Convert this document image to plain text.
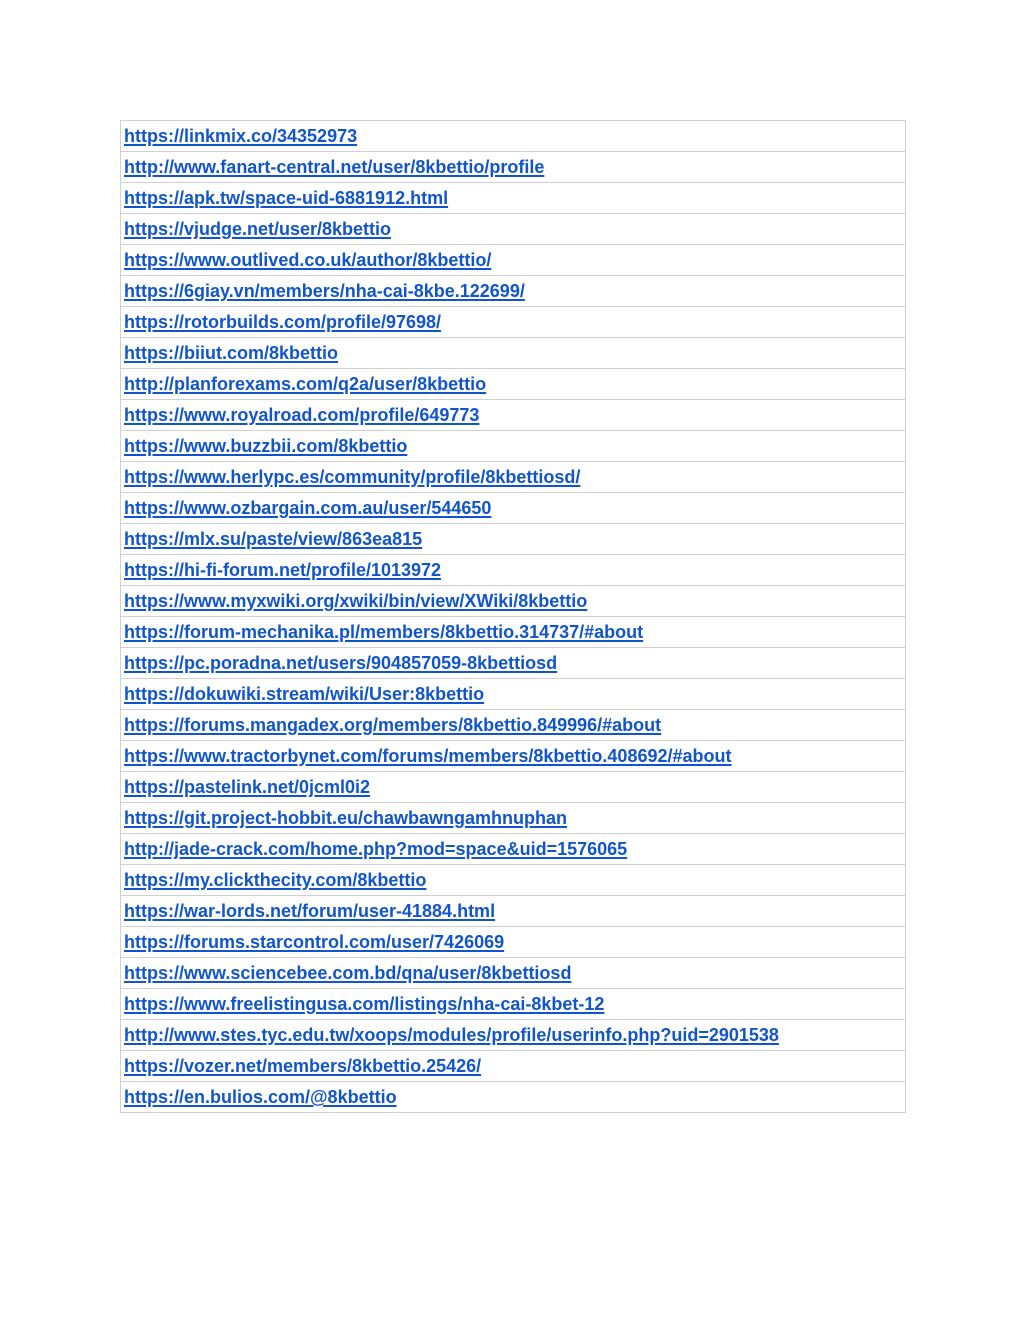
https://linkmix.co/34352973
http://www.fanart-central.net/user/8kbettio/profile
https://apk.tw/space-uid-6881912.html
https://vjudge.net/user/8kbettio
https://www.outlived.co.uk/author/8kbettio/
https://6giay.vn/members/nha-cai-8kbe.122699/
https://rotorbuilds.com/profile/97698/
https://biiut.com/8kbettio
http://planforexams.com/q2a/user/8kbettio
https://www.royalroad.com/profile/649773
https://www.buzzbii.com/8kbettio
https://www.herlypc.es/community/profile/8kbettiosd/
https://www.ozbargain.com.au/user/544650
https://mlx.su/paste/view/863ea815
https://hi-fi-forum.net/profile/1013972
https://www.myxwiki.org/xwiki/bin/view/XWiki/8kbettio
https://forum-mechanika.pl/members/8kbettio.314737/#about
https://pc.poradna.net/users/904857059-8kbettiosd
https://dokuwiki.stream/wiki/User:8kbettio
https://forums.mangadex.org/members/8kbettio.849996/#about
https://www.tractorbynet.com/forums/members/8kbettio.408692/#about
https://pastelink.net/0jcml0i2
https://git.project-hobbit.eu/chawbawngamhnuphan
http://jade-crack.com/home.php?mod=space&uid=1576065
https://my.clickthecity.com/8kbettio
https://war-lords.net/forum/user-41884.html
https://forums.starcontrol.com/user/7426069
https://www.sciencebee.com.bd/qna/user/8kbettiosd
https://www.freelistingusa.com/listings/nha-cai-8kbet-12
http://www.stes.tyc.edu.tw/xoops/modules/profile/userinfo.php?uid=2901538
https://vozer.net/members/8kbettio.25426/
https://en.bulios.com/@8kbettio
